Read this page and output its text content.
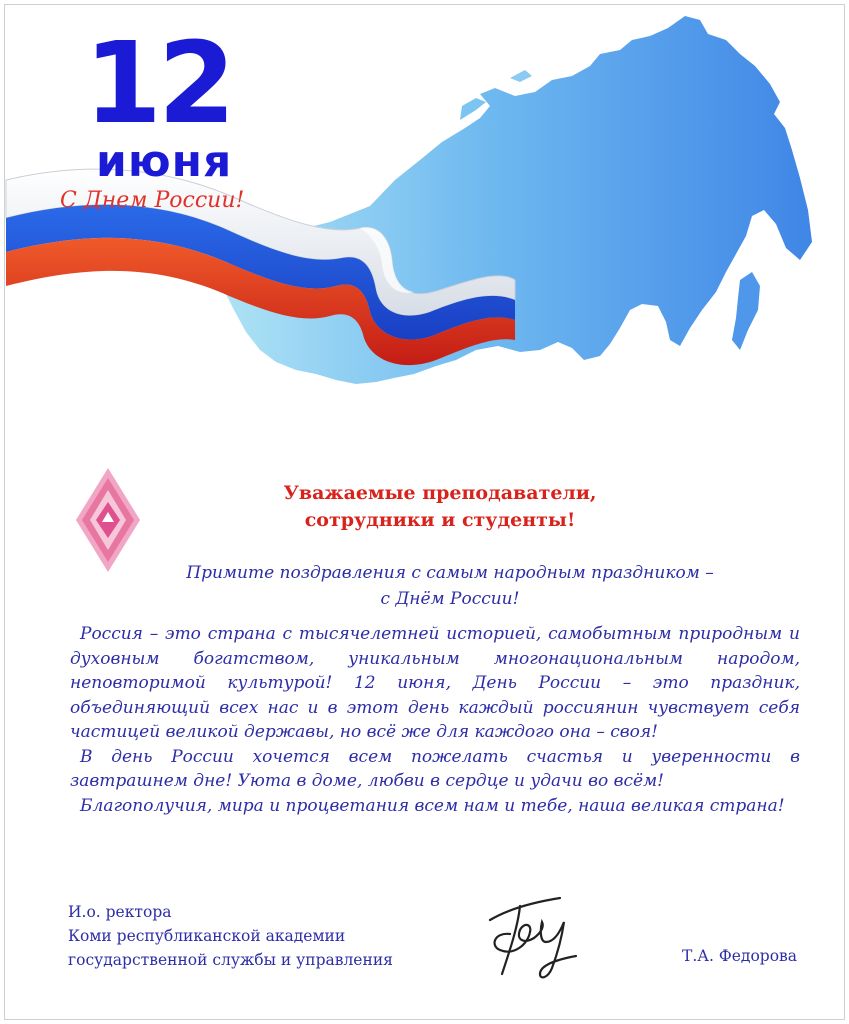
12
июня
С Днем России!
Уважаемые преподаватели,
сотрудники и студенты!
Примите поздравления с самым народным праздником –
с Днём России!

Россия – это страна с тысячелетней историей, самобытным природным и духовным богатством, уникальным многонациональным народом, неповторимой культурой! 12 июня, День России – это праздник, объединяющий всех нас и в этот день каждый россиянин чувствует себя частицей великой державы, но всё же для каждого она – своя!

В день России хочется всем пожелать счастья и уверенности в завтрашнем дне! Уюта в доме, любви в сердце и удачи во всём!

Благополучия, мира и процветания всем нам и тебе, наша великая страна!

И.о. ректора
Коми республиканской академии
государственной службы и управления	Т.А. Федорова
